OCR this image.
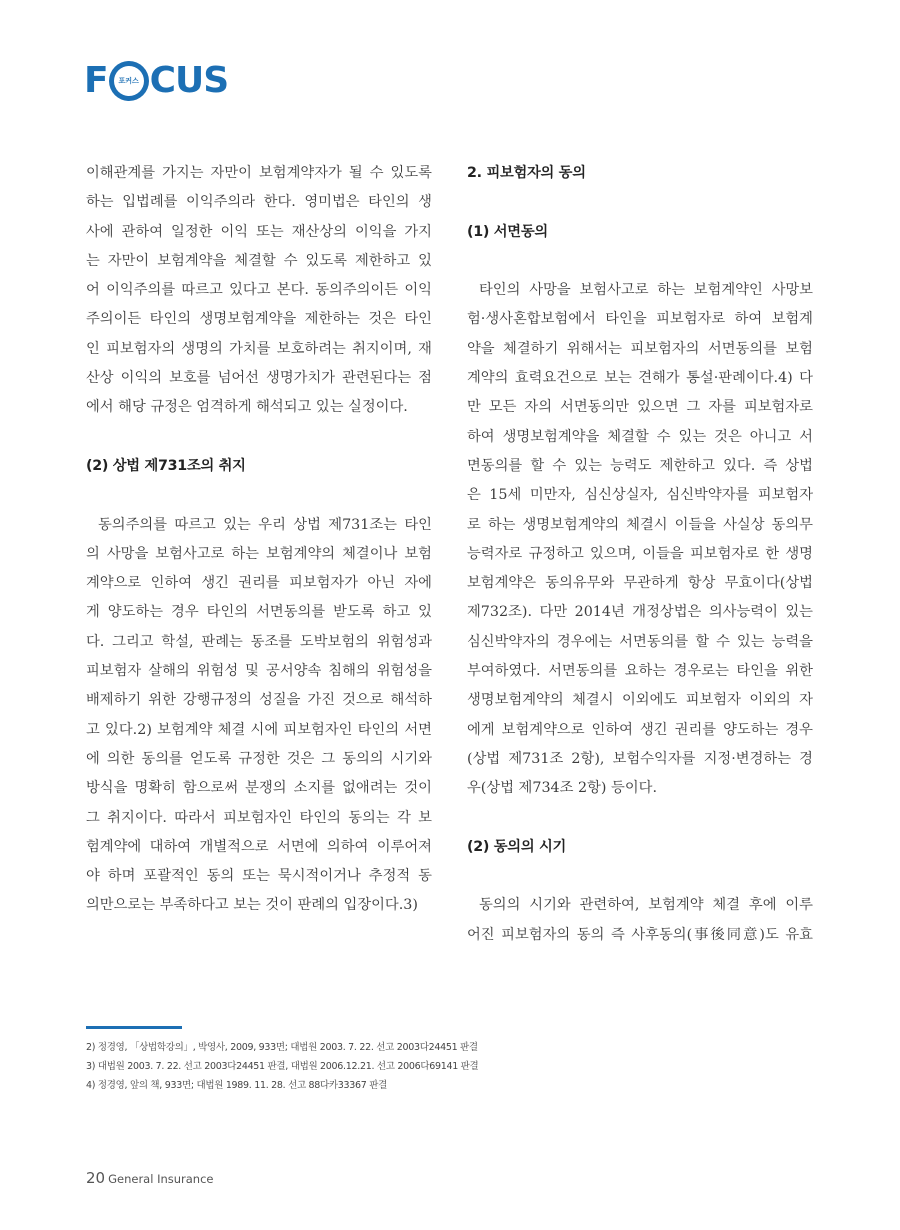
F	포커스 CUS
이해관계를 가지는 자만이 보험계약자가 될 수 있도록
하는 입법례를 이익주의라 한다. 영미법은 타인의 생
사에 관하여 일정한 이익 또는 재산상의 이익을 가지
는 자만이 보험계약을 체결할 수 있도록 제한하고 있
어 이익주의를 따르고 있다고 본다. 동의주의이든 이익
주의이든 타인의 생명보험계약을 제한하는 것은 타인
인 피보험자의 생명의 가치를 보호하려는 취지이며, 재
산상 이익의 보호를 넘어선 생명가치가 관련된다는 점
에서 해당 규정은 엄격하게 해석되고 있는 실정이다.
(2) 상법 제731조의 취지
동의주의를 따르고 있는 우리 상법 제731조는 타인
의 사망을 보험사고로 하는 보험계약의 체결이나 보험
계약으로 인하여 생긴 권리를 피보험자가 아닌 자에
게 양도하는 경우 타인의 서면동의를 받도록 하고 있
다. 그리고 학설, 판례는 동조를 도박보험의 위험성과
피보험자 살해의 위험성 및 공서양속 침해의 위험성을
배제하기 위한 강행규정의 성질을 가진 것으로 해석하
고 있다.2) 보험계약 체결 시에 피보험자인 타인의 서면
에 의한 동의를 얻도록 규정한 것은 그 동의의 시기와
방식을 명확히 함으로써 분쟁의 소지를 없애려는 것이
그 취지이다. 따라서 피보험자인 타인의 동의는 각 보
험계약에 대하여 개별적으로 서면에 의하여 이루어져
야 하며 포괄적인 동의 또는 묵시적이거나 추정적 동
의만으로는 부족하다고 보는 것이 판례의 입장이다.3)
2. 피보험자의 동의
(1) 서면동의
타인의 사망을 보험사고로 하는 보험계약인 사망보
험·생사혼합보험에서 타인을 피보험자로 하여 보험계
약을 체결하기 위해서는 피보험자의 서면동의를 보험
계약의 효력요건으로 보는 견해가 통설·판례이다.4) 다
만 모든 자의 서면동의만 있으면 그 자를 피보험자로
하여 생명보험계약을 체결할 수 있는 것은 아니고 서
면동의를 할 수 있는 능력도 제한하고 있다. 즉 상법
은 15세 미만자, 심신상실자, 심신박약자를 피보험자
로 하는 생명보험계약의 체결시 이들을 사실상 동의무
능력자로 규정하고 있으며, 이들을 피보험자로 한 생명
보험계약은 동의유무와 무관하게 항상 무효이다(상법
제732조). 다만 2014년 개정상법은 의사능력이 있는
심신박약자의 경우에는 서면동의를 할 수 있는 능력을
부여하였다. 서면동의를 요하는 경우로는 타인을 위한
생명보험계약의 체결시 이외에도 피보험자 이외의 자
에게 보험계약으로 인하여 생긴 권리를 양도하는 경우
(상법 제731조 2항), 보험수익자를 지정·변경하는 경
우(상법 제734조 2항) 등이다.
(2) 동의의 시기
동의의 시기와 관련하여, 보험계약 체결 후에 이루
어진 피보험자의 동의 즉 사후동의(事後同意)도 유효
2) 정경영, 「상법학강의」, 박영사, 2009, 933면; 대법원 2003. 7. 22. 선고 2003다24451 판결
3) 대법원 2003. 7. 22. 선고 2003다24451 판결, 대법원 2006.12.21. 선고 2006다69141 판결
4) 정경영, 앞의 책, 933면; 대법원 1989. 11. 28. 선고 88다카33367 판결
20 General Insurance
